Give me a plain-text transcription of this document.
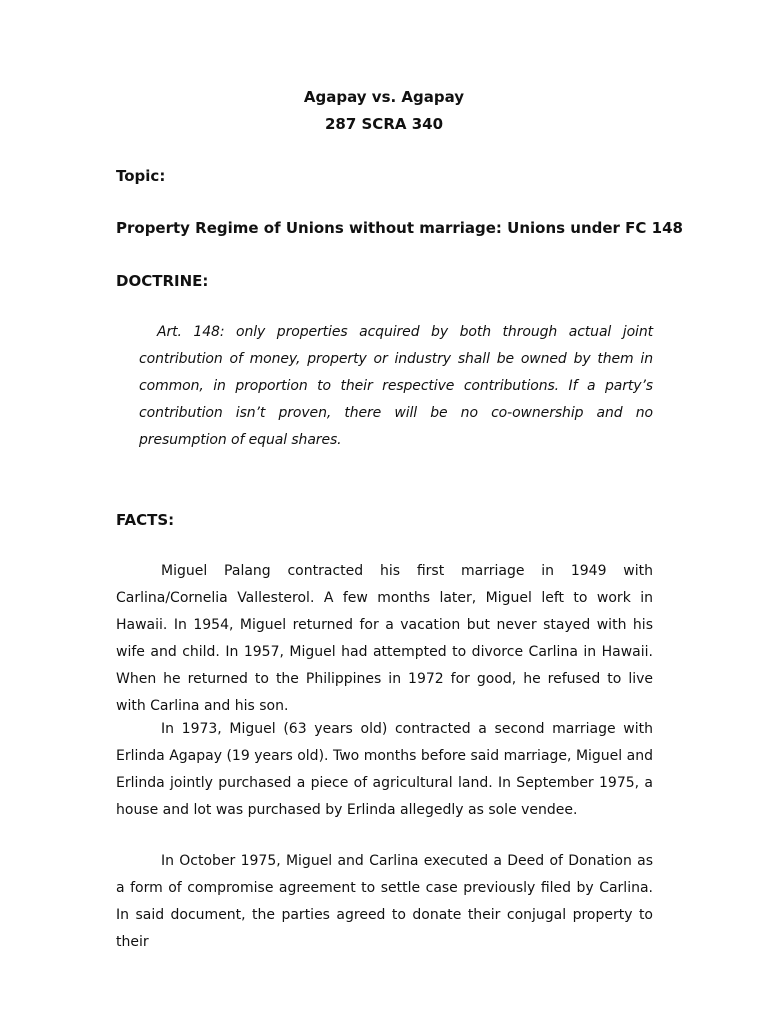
Agapay vs. Agapay
287 SCRA 340
Topic:
Property Regime of Unions without marriage: Unions under FC 148
DOCTRINE:

Art. 148: only properties acquired by both through actual joint contribution of money, property or industry shall be owned by them in common, in proportion to their respective contributions. If a party’s contribution isn’t proven, there will be no co-ownership and no presumption of equal shares.

FACTS:

Miguel Palang contracted his first marriage in 1949 with Carlina/Cornelia Vallesterol. A few months later, Miguel left to work in Hawaii. In 1954, Miguel returned for a vacation but never stayed with his wife and child. In 1957, Miguel had attempted to divorce Carlina in Hawaii. When he returned to the Philippines in 1972 for good, he refused to live with Carlina and his son.

In 1973, Miguel (63 years old) contracted a second marriage with Erlinda Agapay (19 years old). Two months before said marriage, Miguel and Erlinda jointly purchased a piece of agricultural land. In September 1975, a house and lot was purchased by Erlinda allegedly as sole vendee.

In October 1975, Miguel and Carlina executed a Deed of Donation as a form of compromise agreement to settle case previously filed by Carlina. In said document, the parties agreed to donate their conjugal property to their
